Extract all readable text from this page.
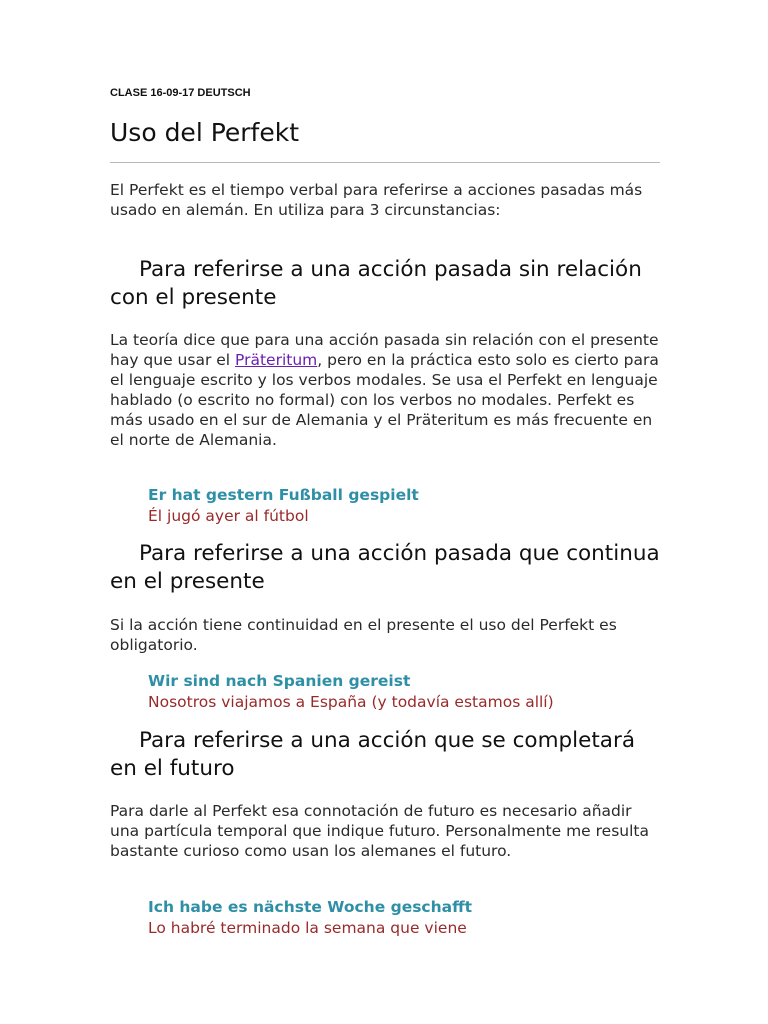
CLASE 16-09-17 DEUTSCH
Uso del Perfekt

El Perfekt es el tiempo verbal para referirse a acciones pasadas más usado en alemán. En utiliza para 3 circunstancias:

Para referirse a una acción pasada sin relación con el presente

La teoría dice que para una acción pasada sin relación con el presente hay que usar el Präteritum, pero en la práctica esto solo es cierto para el lenguaje escrito y los verbos modales. Se usa el Perfekt en lenguaje hablado (o escrito no formal) con los verbos no modales. Perfekt es más usado en el sur de Alemania y el Präteritum es más frecuente en el norte de Alemania.

Er hat gestern Fußball gespielt
Él jugó ayer al fútbol
Para referirse a una acción pasada que continua en el presente

Si la acción tiene continuidad en el presente el uso del Perfekt es obligatorio.

Wir sind nach Spanien gereist
Nosotros viajamos a España (y todavía estamos allí)
Para referirse a una acción que se completará en el futuro

Para darle al Perfekt esa connotación de futuro es necesario añadir una partícula temporal que indique futuro. Personalmente me resulta bastante curioso como usan los alemanes el futuro.

Ich habe es nächste Woche geschafft
Lo habré terminado la semana que viene
